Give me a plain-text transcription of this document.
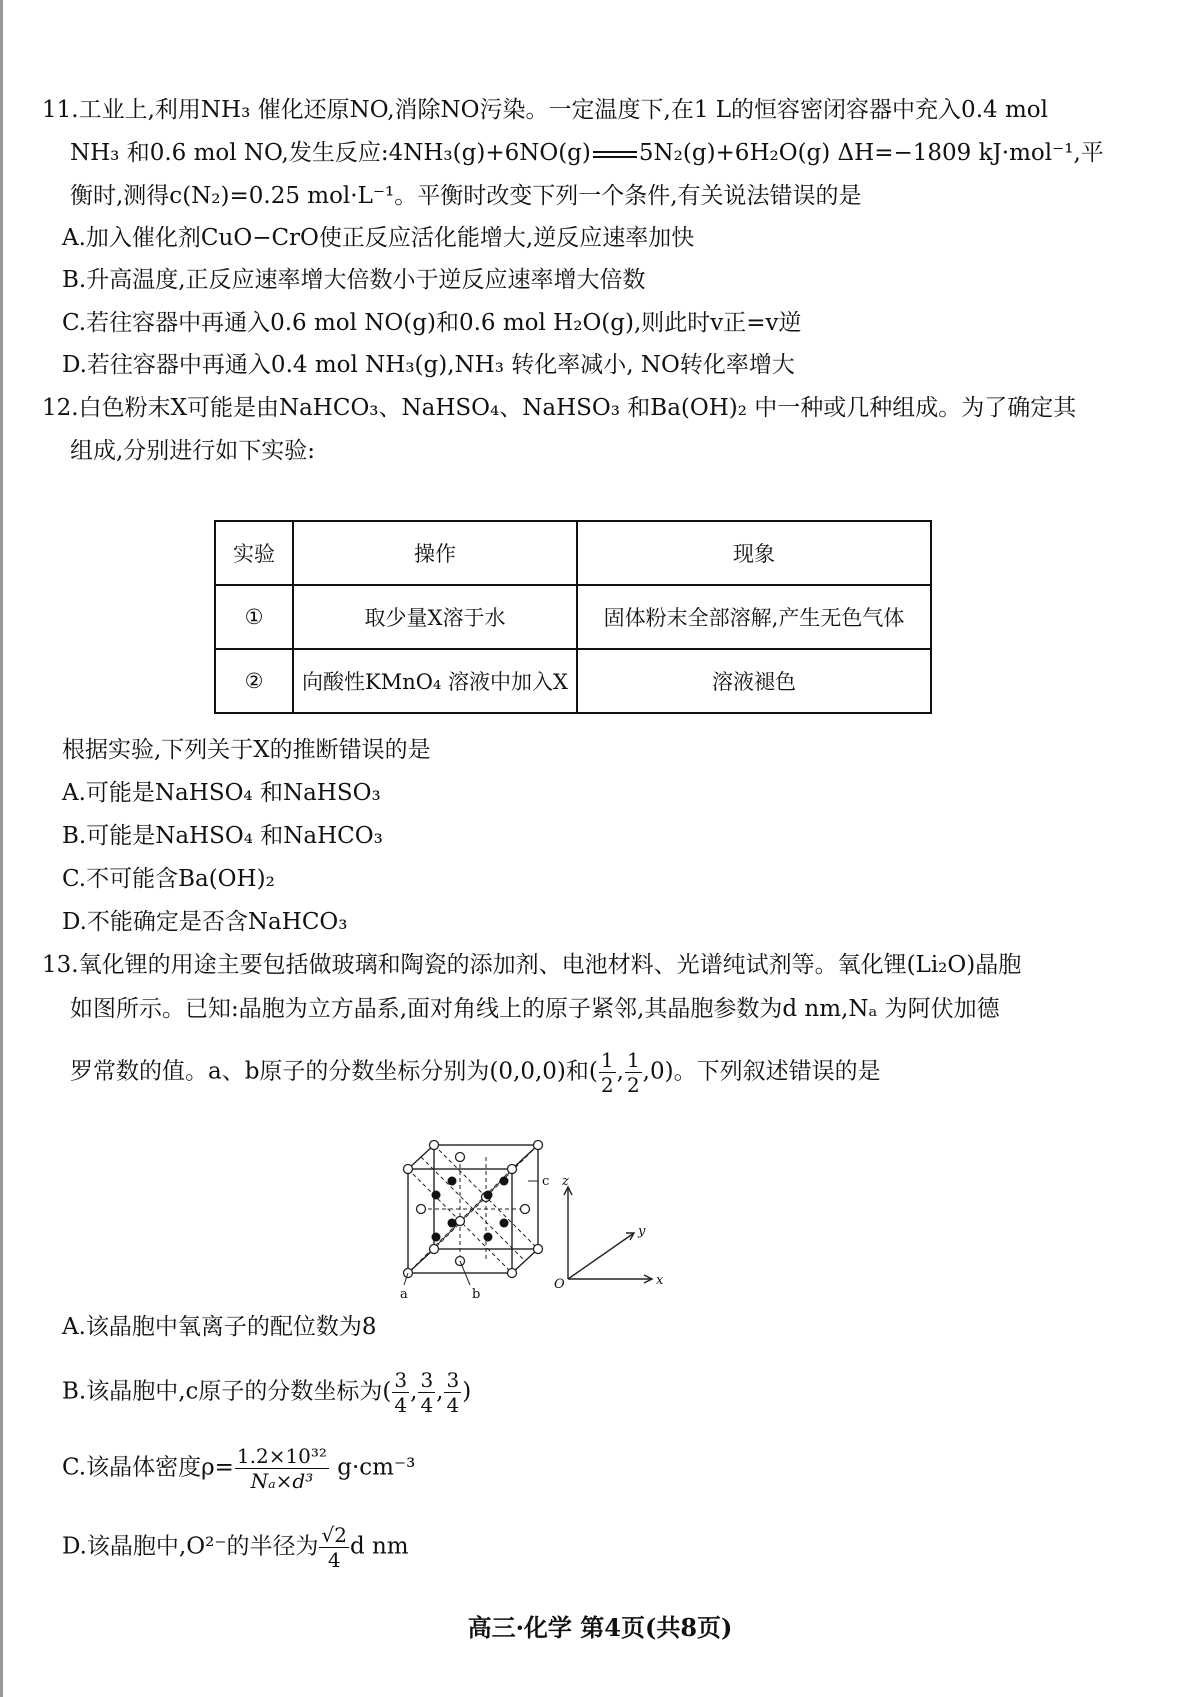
11.工业上,利用NH₃ 催化还原NO,消除NO污染。一定温度下,在1 L的恒容密闭容器中充入0.4 mol
NH₃ 和0.6 mol NO,发生反应:4NH₃(g)+6NO(g) 5N₂(g)+6H₂O(g) ΔH=−1809 kJ·mol⁻¹,平
衡时,测得c(N₂)=0.25 mol·L⁻¹。平衡时改变下列一个条件,有关说法错误的是
A.加入催化剂CuO−CrO使正反应活化能增大,逆反应速率加快
B.升高温度,正反应速率增大倍数小于逆反应速率增大倍数
C.若往容器中再通入0.6 mol NO(g)和0.6 mol H₂O(g),则此时v正=v逆
D.若往容器中再通入0.4 mol NH₃(g),NH₃ 转化率减小, NO转化率增大
12.白色粉末X可能是由NaHCO₃、NaHSO₄、NaHSO₃ 和Ba(OH)₂ 中一种或几种组成。为了确定其
组成,分别进行如下实验:
实验	操作	现象
①	取少量X溶于水	固体粉末全部溶解,产生无色气体
②	向酸性KMnO₄ 溶液中加入X	溶液褪色
根据实验,下列关于X的推断错误的是
A.可能是NaHSO₄ 和NaHSO₃
B.可能是NaHSO₄ 和NaHCO₃
C.不可能含Ba(OH)₂
D.不能确定是否含NaHCO₃
13.氧化锂的用途主要包括做玻璃和陶瓷的添加剂、电池材料、光谱纯试剂等。氧化锂(Li₂O)晶胞
如图所示。已知:晶胞为立方晶系,面对角线上的原子紧邻,其晶胞参数为d nm,Nₐ 为阿伏加德
罗常数的值。a、b原子的分数坐标分别为(0,0,0)和( $\frac{1}{2}$ , $\frac{1}{2} ,0$)。下列叙述错误的是
a	b
c
x
y
z
O
A.该晶胞中氧离子的配位数为8
B.该晶胞中,c原子的分数坐标为( $\frac{3}{4}$ , $\frac{3}{4}$ , $\frac{3}{4}$ )
C.该晶体密度$\rho= \frac{\text{1.2×10³²}}{\text{Nₐ×d³}} g\cdot cm^{-3}$
D.该晶胞中,O²⁻的半径为 $\frac{√2}{4}$ d nm
高三·化学 第4页(共8页)
